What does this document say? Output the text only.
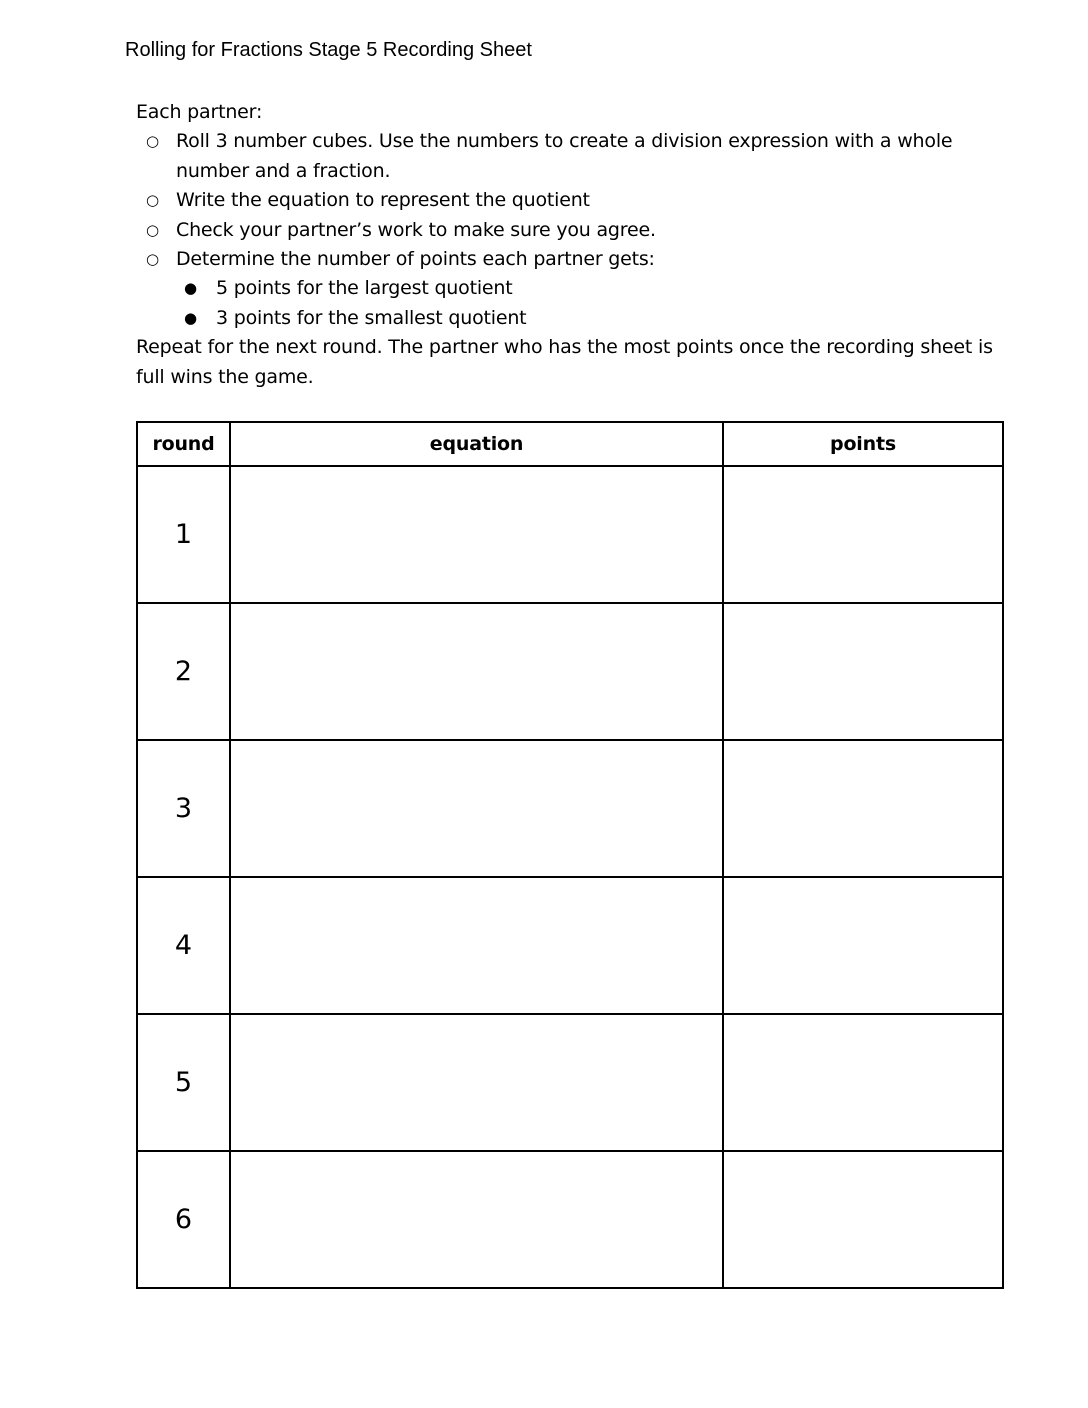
Rolling for Fractions Stage 5 Recording Sheet

Each partner:

○ Roll 3 number cubes. Use the numbers to create a division expression with a whole number and a fraction.
○ Write the equation to represent the quotient
○ Check your partner’s work to make sure you agree.
○ Determine the number of points each partner gets:
● 5 points for the largest quotient
● 3 points for the smallest quotient

Repeat for the next round. The partner who has the most points once the recording sheet is full wins the game.

round	equation	points
1		
2		
3		
4		
5		
6		
